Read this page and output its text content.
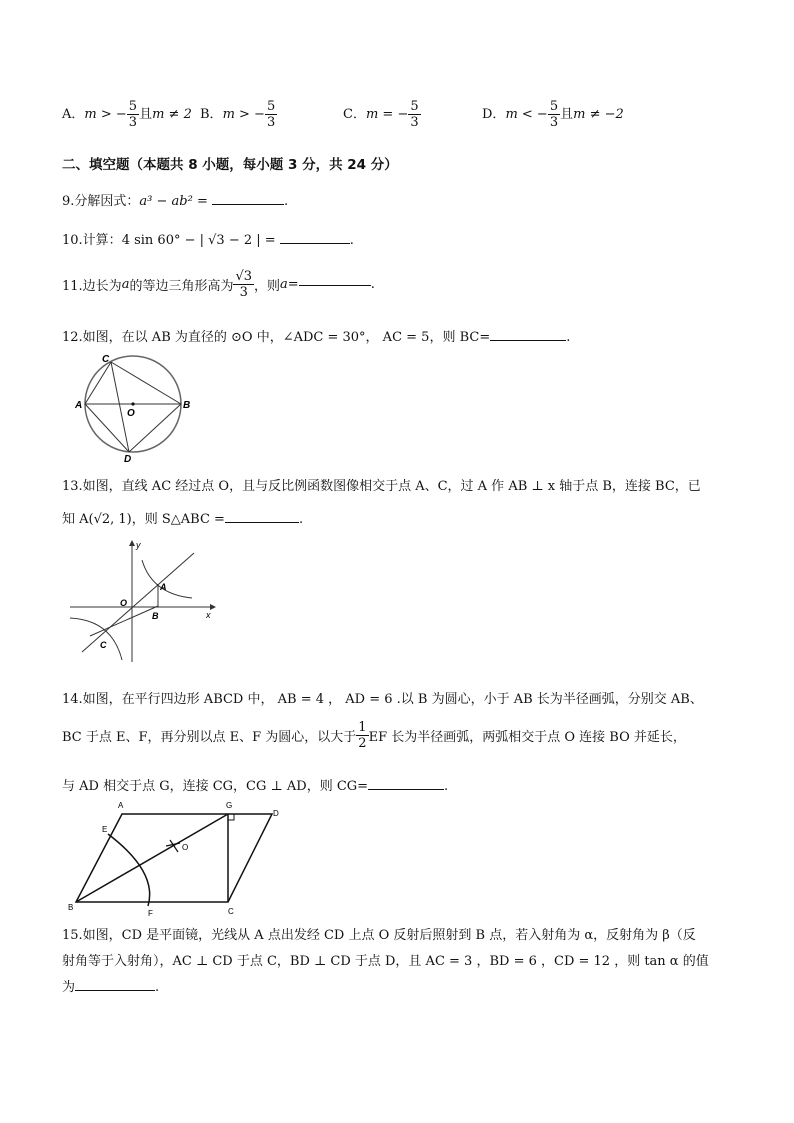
A．m > − $\frac{5}{3}$ 且m ≠ 2 B．m > − $\frac{5}{3}$	C．m = − $\frac{5}{3}$	D．m < − $\frac{5}{3}$ 且m ≠ −2
二、填空题（本题共 8 小题，每小题 3 分，共 24 分）
9.分解因式：a³ − ab² =	.
10.计算：4 sin 60° − | √3 − 2 | =	.
11.边长为a的等边三角形高为 $\frac{√3}{3}$ ，则a=	.
12.如图，在以 AB 为直径的 ⊙O 中，∠ADC = 30°， AC = 5，则 BC=	.
C
A	B
O
D
13.如图，直线 AC 经过点 O，且与反比例函数图像相交于点 A、C，过 A 作 AB ⊥ x 轴于点 B，连接 BC，已
知 A(√2, 1)，则 S△ABC =	.
y
x
O
A
B
C
14.如图，在平行四边形 ABCD 中， AB = 4 ， AD = 6 .以 B 为圆心，小于 AB 长为半径画弧，分别交 AB、
BC 于点 E、F，再分别以点 E、F 为圆心，以大于 $\frac{1}{2}$ EF 长为半径画弧，两弧相交于点 O 连接 BO 并延长，
与 AD 相交于点 G，连接 CG，CG ⊥ AD，则 CG=	.
A	G
D
E
O
B
F	C
15.如图，CD 是平面镜，光线从 A 点出发经 CD 上点 O 反射后照射到 B 点，若入射角为 α，反射角为 β（反
射角等于入射角），AC ⊥ CD 于点 C，BD ⊥ CD 于点 D，且 AC = 3 ，BD = 6 ，CD = 12 ，则 tan α 的值
为	.
